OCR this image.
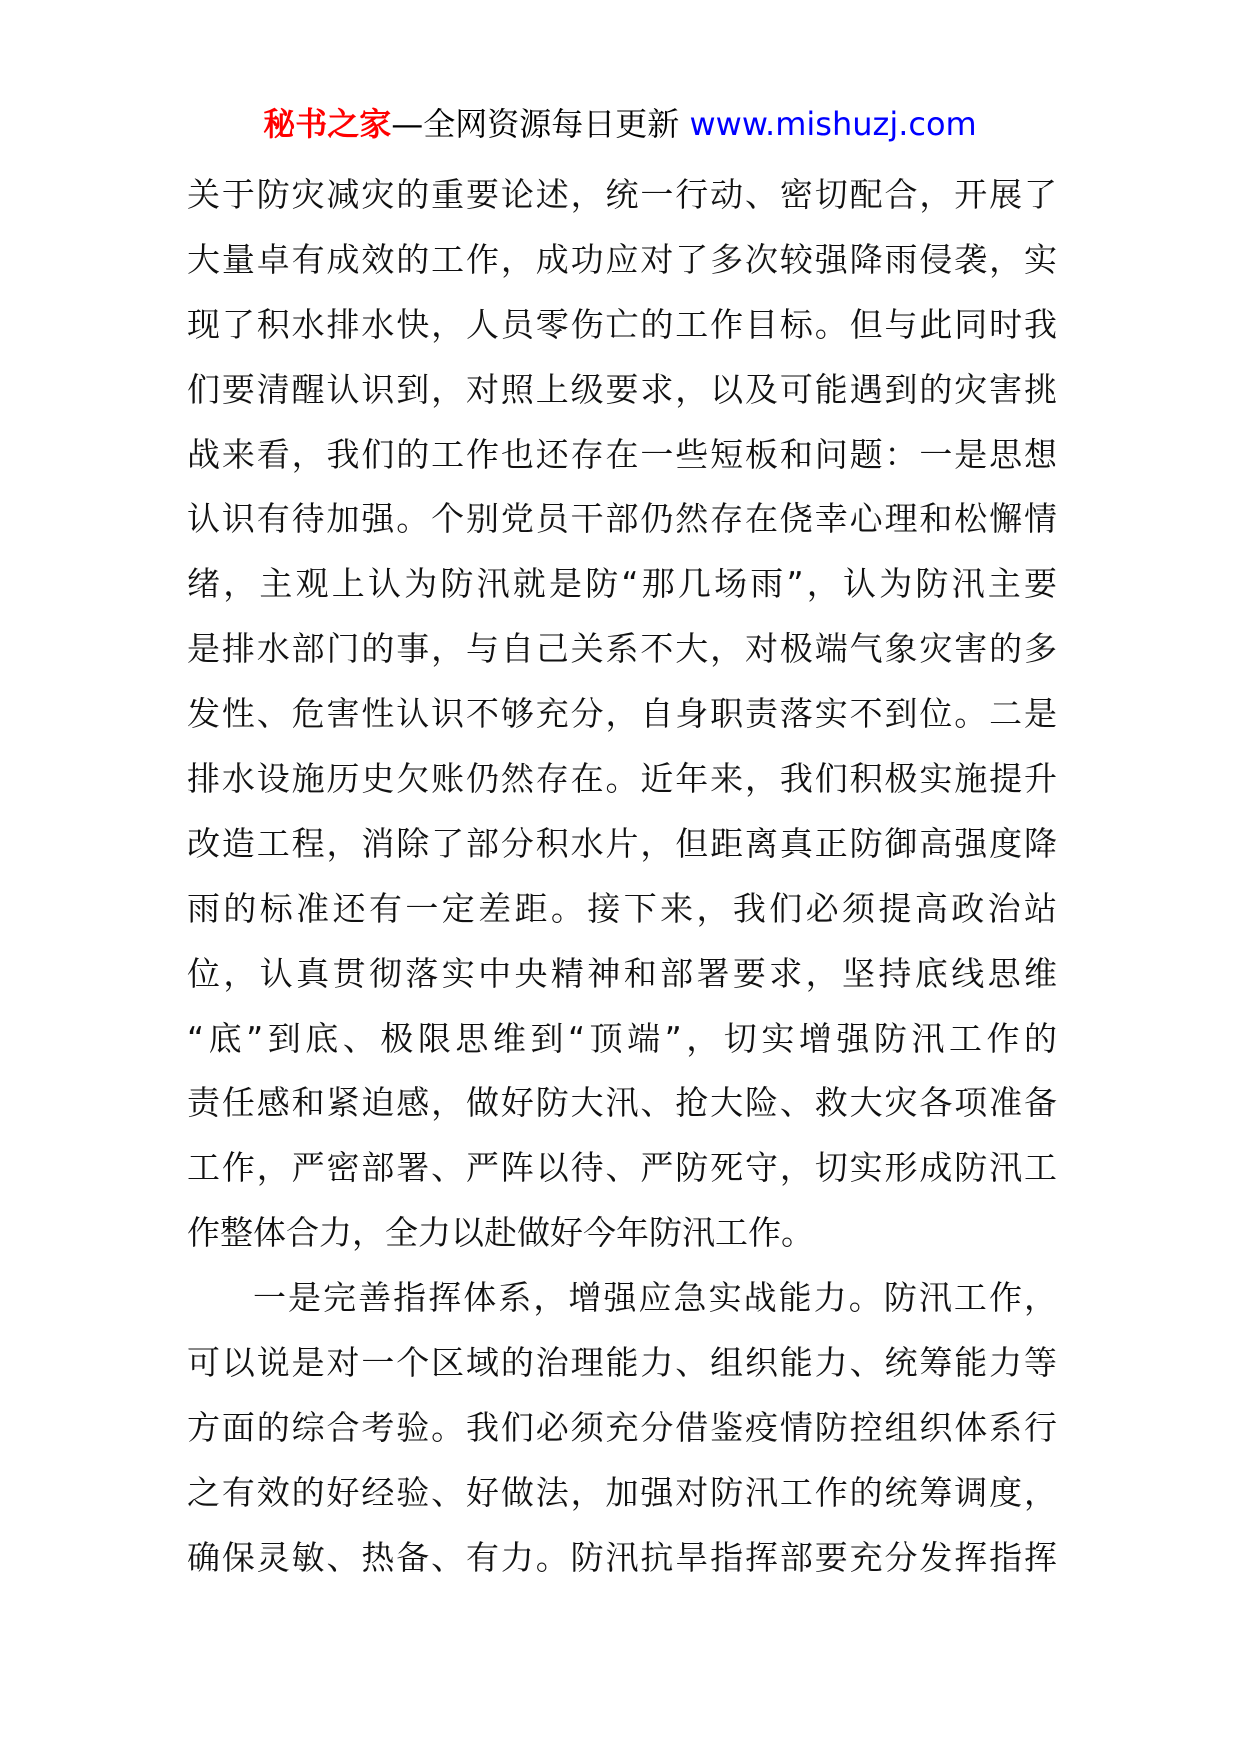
秘书之家—全网资源每日更新 www.mishuzj.com
关于防灾减灾的重要论述，统一行动、密切配合，开展了
大量卓有成效的工作，成功应对了多次较强降雨侵袭，实
现了积水排水快，人员零伤亡的工作目标。但与此同时我
们要清醒认识到，对照上级要求，以及可能遇到的灾害挑
战来看，我们的工作也还存在一些短板和问题：一是思想
认识有待加强。个别党员干部仍然存在侥幸心理和松懈情
绪，主观上认为防汛就是防“那几场雨”，认为防汛主要
是排水部门的事，与自己关系不大，对极端气象灾害的多
发性、危害性认识不够充分，自身职责落实不到位。二是
排水设施历史欠账仍然存在。近年来，我们积极实施提升
改造工程，消除了部分积水片，但距离真正防御高强度降
雨的标准还有一定差距。接下来，我们必须提高政治站
位，认真贯彻落实中央精神和部署要求，坚持底线思维
“底”到底、极限思维到“顶端”，切实增强防汛工作的
责任感和紧迫感，做好防大汛、抢大险、救大灾各项准备
工作，严密部署、严阵以待、严防死守，切实形成防汛工
作整体合力，全力以赴做好今年防汛工作。
一是完善指挥体系，增强应急实战能力。防汛工作，
可以说是对一个区域的治理能力、组织能力、统筹能力等
方面的综合考验。我们必须充分借鉴疫情防控组织体系行
之有效的好经验、好做法，加强对防汛工作的统筹调度，
确保灵敏、热备、有力。防汛抗旱指挥部要充分发挥指挥
